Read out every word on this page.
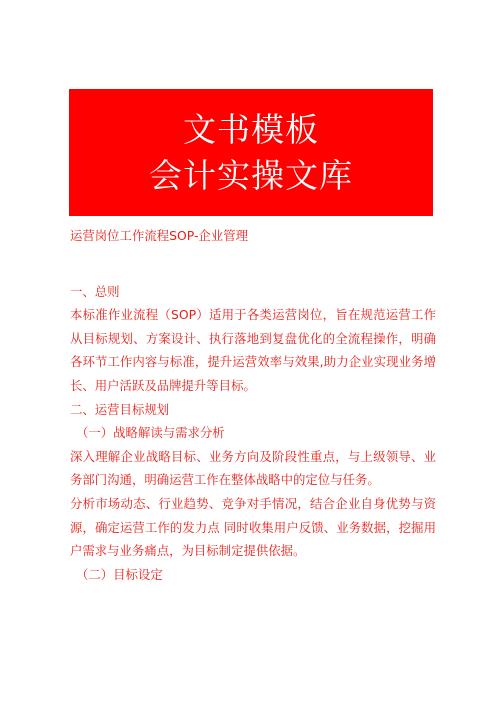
文书模板
会计实操文库

运营岗位工作流程SOP-企业管理

一、总则

本标准作业流程（SOP）适用于各类运营岗位，旨在规范运营工作从目标规划、方案设计、执行落地到复盘优化的全流程操作，明确各环节工作内容与标准，提升运营效率与效果,助力企业实现业务增长、用户活跃及品牌提升等目标。

二、运营目标规划

（一）战略解读与需求分析

深入理解企业战略目标、业务方向及阶段性重点，与上级领导、业务部门沟通，明确运营工作在整体战略中的定位与任务。

分析市场动态、行业趋势、竞争对手情况，结合企业自身优势与资源，确定运营工作的发力点 同时收集用户反馈、业务数据，挖掘用户需求与业务痛点，为目标制定提供依据。

（二）目标设定
